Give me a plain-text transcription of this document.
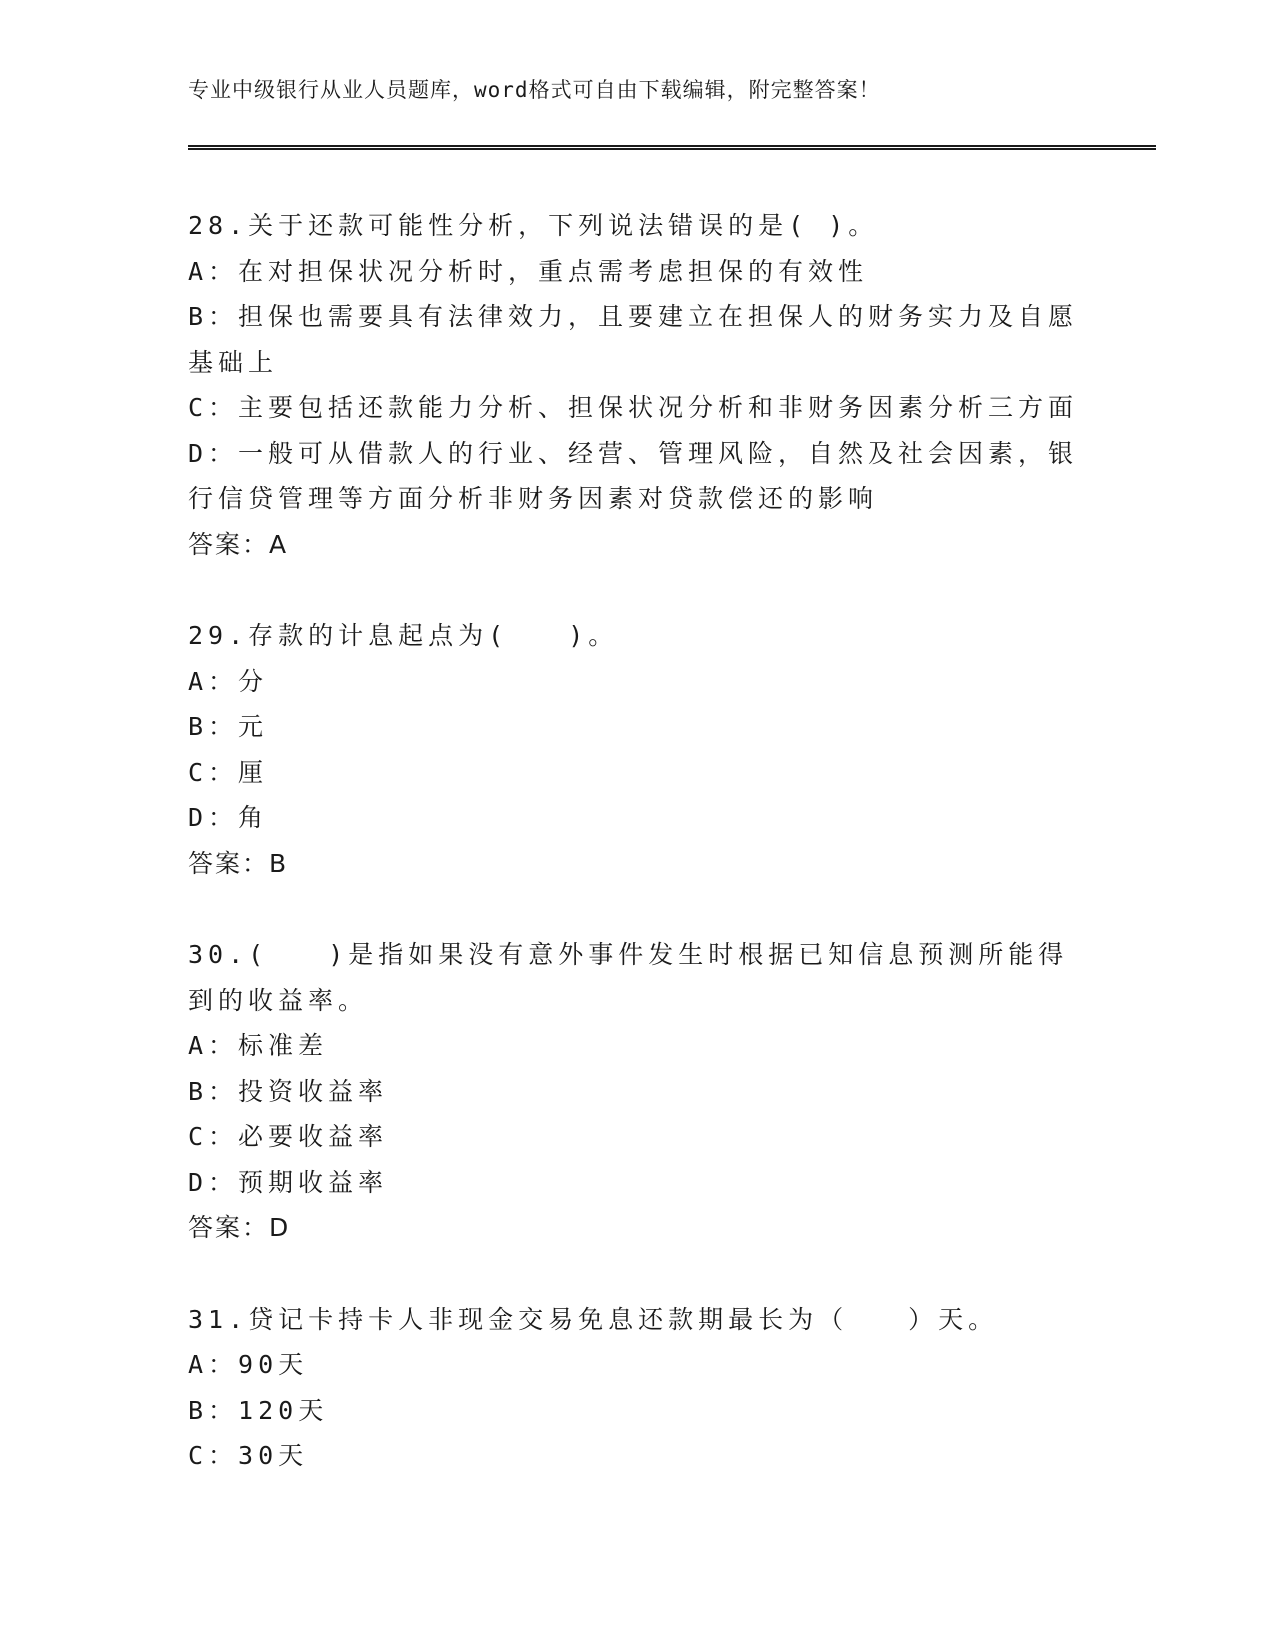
专业中级银行从业人员题库，word格式可自由下载编辑，附完整答案！
28.关于还款可能性分析，下列说法错误的是( )。
A：在对担保状况分析时，重点需考虑担保的有效性
B：担保也需要具有法律效力，且要建立在担保人的财务实力及自愿基础上
C：主要包括还款能力分析、担保状况分析和非财务因素分析三方面
D：一般可从借款人的行业、经营、管理风险，自然及社会因素，银行信贷管理等方面分析非财务因素对贷款偿还的影响
答案：A
29.存款的计息起点为(　　)。
A：分
B：元
C：厘
D：角
答案：B
30.(　　)是指如果没有意外事件发生时根据已知信息预测所能得到的收益率。
A：标准差
B：投资收益率
C：必要收益率
D：预期收益率
答案：D
31.贷记卡持卡人非现金交易免息还款期最长为（　　）天。
A：90天
B：120天
C：30天
